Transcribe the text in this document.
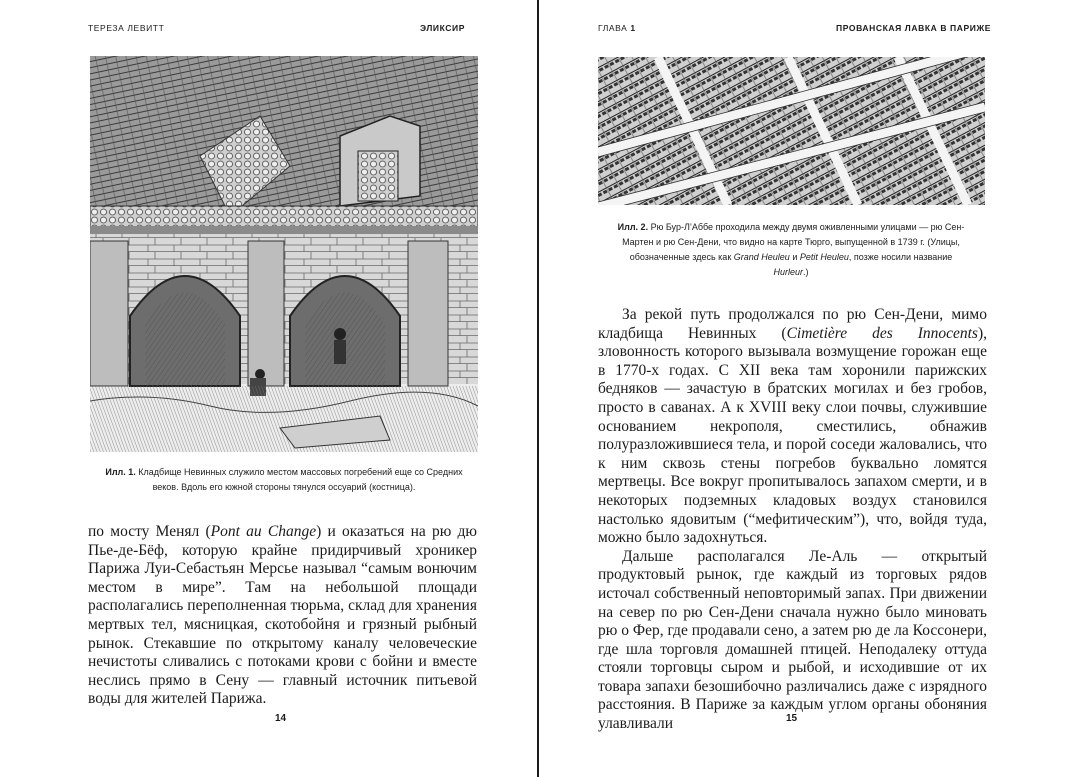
ТЕРЕЗА ЛЕВИТТ	ЭЛИКСИР
Илл. 1. Кладбище Невинных служило местом массовых погребений еще со Средних веков. Вдоль его южной стороны тянулся оссуарий (костница).

по мосту Менял (Pont au Change) и оказаться на рю дю Пье-де-Бёф, которую крайне придирчивый хроникер Парижа Луи-Себастьян Мерсье называл “самым вонючим местом в мире”. Там на небольшой площади располагались переполненная тюрьма, склад для хранения мертвых тел, мясницкая, скотобойня и грязный рыбный рынок. Стекавшие по открытому каналу человеческие нечистоты сливались с потоками крови с бойни и вместе неслись прямо в Сену — главный источник питьевой воды для жителей Парижа.

14
ГЛАВА 1	ПРОВАНСКАЯ ЛАВКА В ПАРИЖЕ
Илл. 2. Рю Бур-Л’Аббе проходила между двумя оживленными улицами — рю Сен-Мартен и рю Сен-Дени, что видно на карте Тюрго, выпущенной в 1739 г. (Улицы, обозначенные здесь как Grand Heuleu и Petit Heuleu, позже носили название Hurleur.)

За рекой путь продолжался по рю Сен-Дени, мимо кладбища Невинных (Cimetière des Innocents), зловонность которого вызывала возмущение горожан еще в 1770-х годах. С XII века там хоронили парижских бедняков — зачастую в братских могилах и без гробов, просто в саванах. А к XVIII веку слои почвы, служившие основанием некрополя, сместились, обнажив полуразложившиеся тела, и порой соседи жаловались, что к ним сквозь стены погребов буквально ломятся мертвецы. Все вокруг пропитывалось запахом смерти, и в некоторых подземных кладовых воздух становился настолько ядовитым (“мефитическим”), что, войдя туда, можно было задохнуться.

Дальше располагался Ле-Аль — открытый продуктовый рынок, где каждый из торговых рядов источал собственный неповторимый запах. При движении на север по рю Сен-Дени сначала нужно было миновать рю о Фер, где продавали сено, а затем рю де ла Коссонери, где шла торговля домашней птицей. Неподалеку оттуда стояли торговцы сыром и рыбой, и исходившие от их товара запахи безошибочно различались даже с изрядного расстояния. В Париже за каждым углом органы обоняния улавливали	15
